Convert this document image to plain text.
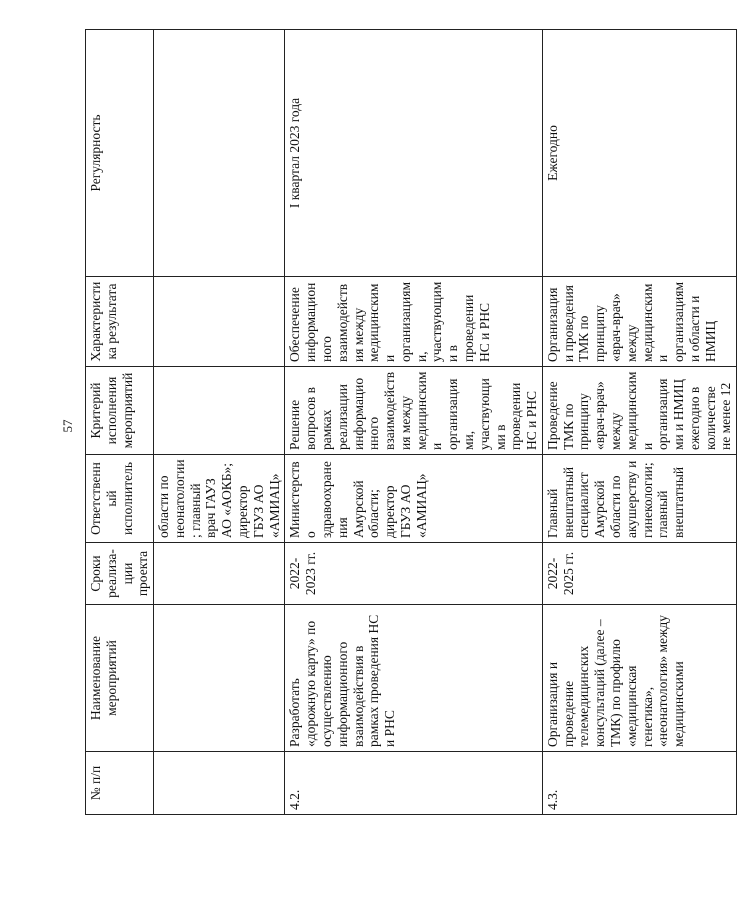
57
№ п/п	Наименование мероприятий	Сроки реализа-ции проекта	Ответственный исполнитель	Критерий исполнения мероприятий	Характеристика результата	Регулярность
			области по неонатологии; главный врач ГАУЗ АО «АОКБ»; директор ГБУЗ АО «АМИАЦ»			
4.2.	Разработать «дорожную карту» по осуществлению информационного взаимодействия в рамках проведения НС и РНС	2022-2023 гг.	Министерство здравоохранения Амурской области; директор ГБУЗ АО «АМИАЦ»	Решение вопросов в рамках реализации информационного взаимодействия между медицинскими организациями, участвующими в проведении НС и РНС	Обеспечение информационного взаимодействия между медицинскими организациями, участвующими в проведении НС и РНС	I квартал 2023 года
4.3.	Организация и проведение телемедицинских консультаций (далее – ТМК) по профилю «медицинская генетика», «неонатология» между медицинскими	2022-2025 гг.	Главный внештатный специалист Амурской области по акушерству и гинекологии; главный внештатный	Проведение ТМК по принципу «врач-врач» между медицинскими организациями и НМИЦ ежегодно в количестве не менее 12	Организация и проведения ТМК по принципу «врач-врач» между медицинскими организациями области и НМИЦ	Ежегодно
